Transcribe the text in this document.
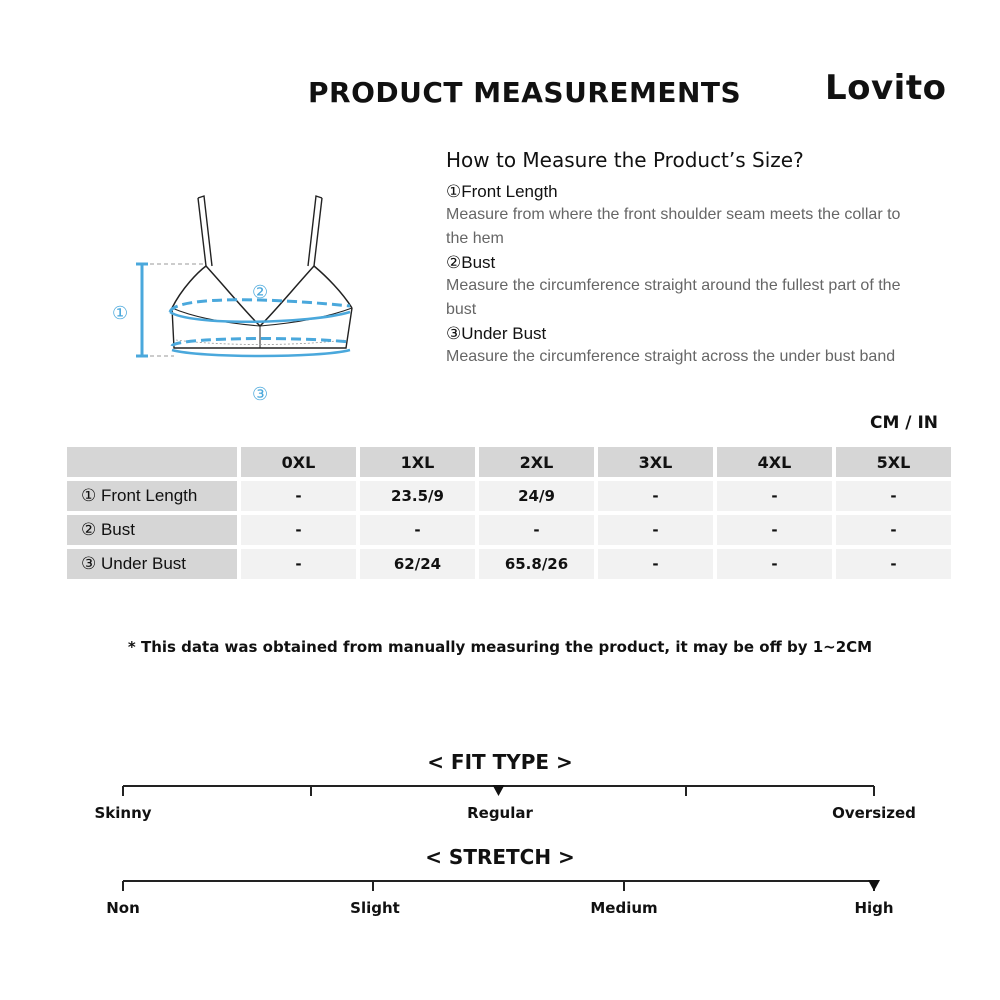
PRODUCT MEASUREMENTS Lovito
①
②
③
How to Measure the Product’s Size?
①Front Length
Measure from where the front shoulder seam meets the collar to the hem
②Bust
Measure the circumference straight around the fullest part of the bust
③Under Bust
Measure the circumference straight across the under bust band
CM / IN
	0XL	1XL	2XL	3XL	4XL	5XL
① Front Length	-	23.5/9	24/9	-	-	-
② Bust	-	-	-	-	-	-
③ Under Bust	-	62/24	65.8/26	-	-	-
* This data was obtained from manually measuring the product, it may be off by 1~2CM
< FIT TYPE >
Skinny	Regular	Oversized
< STRETCH >
Non	Slight	Medium	High
